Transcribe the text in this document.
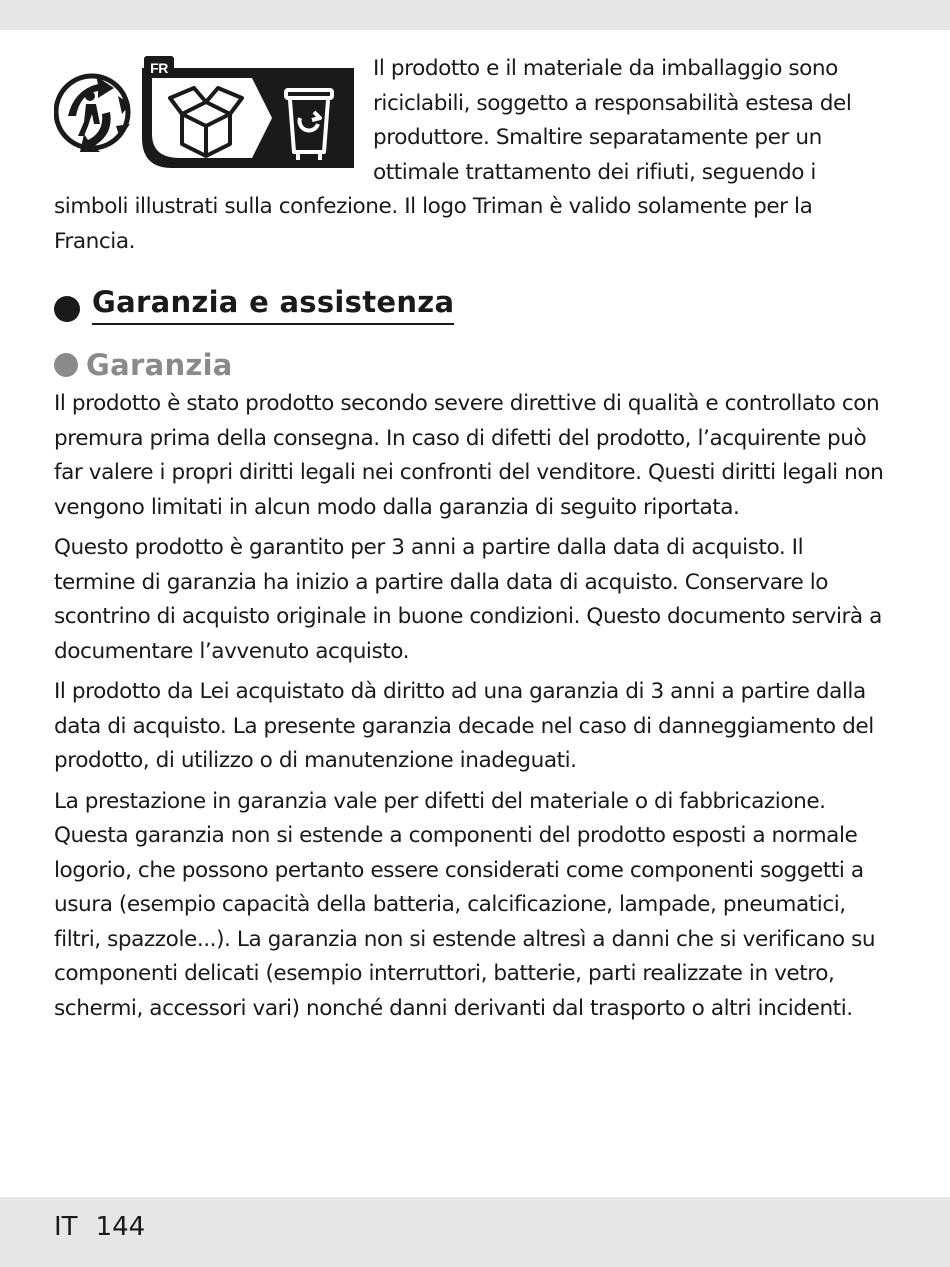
FR	Il prodotto e il materiale da imballaggio sono riciclabili, soggetto a responsabilità estesa del produttore. Smaltire separatamente per un ottimale trattamento dei rifiuti, seguendo i simboli illustrati sulla confezione. Il logo Triman è valido solamente per la Francia.

Garanzia e assistenza
Garanzia

Il prodotto è stato prodotto secondo severe direttive di qualità e controllato con premura prima della consegna. In caso di difetti del prodotto, l’acquirente può far valere i propri diritti legali nei confronti del venditore. Questi diritti legali non vengono limitati in alcun modo dalla garanzia di seguito riportata.

Questo prodotto è garantito per 3 anni a partire dalla data di acquisto. Il termine di garanzia ha inizio a partire dalla data di acquisto. Conservare lo scontrino di acquisto originale in buone condizioni. Questo documento servirà a documentare l’avvenuto acquisto.

Il prodotto da Lei acquistato dà diritto ad una garanzia di 3 anni a partire dalla data di acquisto. La presente garanzia decade nel caso di danneggiamento del prodotto, di utilizzo o di manutenzione inadeguati.

La prestazione in garanzia vale per difetti del materiale o di fabbricazione. Questa garanzia non si estende a componenti del prodotto esposti a normale logorio, che possono pertanto essere considerati come componenti soggetti a usura (esempio capacità della batteria, calcificazione, lampade, pneumatici, filtri, spazzole...). La garanzia non si estende altresì a danni che si verificano su componenti delicati (esempio interruttori, batterie, parti realizzate in vetro, schermi, accessori vari) nonché danni derivanti dal trasporto o altri incidenti.

IT 144
